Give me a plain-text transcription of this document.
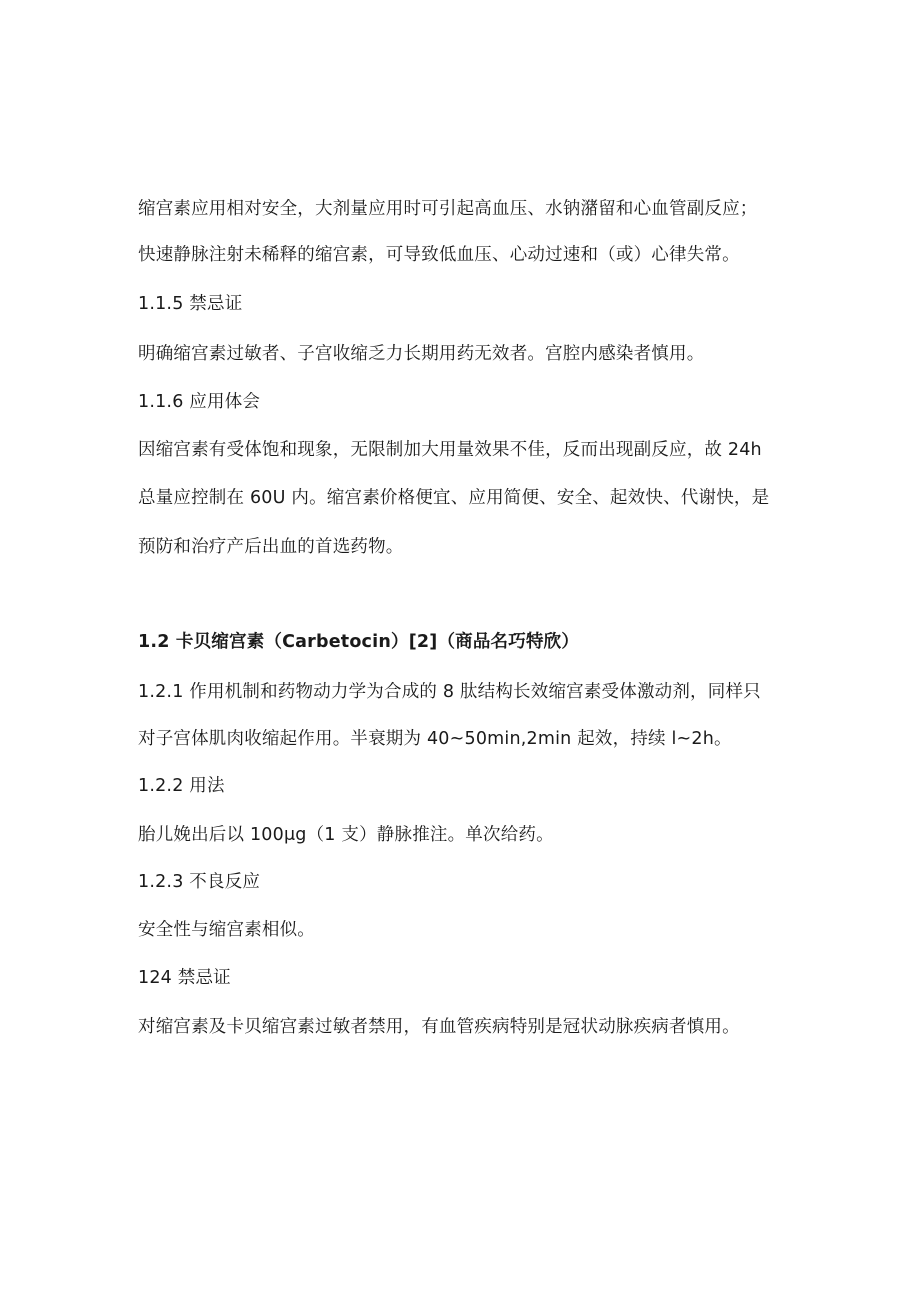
缩宫素应用相对安全，大剂量应用时可引起高血压、水钠潴留和心血管副反应；
快速静脉注射未稀释的缩宫素，可导致低血压、心动过速和（或）心律失常。
1.1.5 禁忌证
明确缩宫素过敏者、子宫收缩乏力长期用药无效者。宫腔内感染者慎用。
1.1.6 应用体会
因缩宫素有受体饱和现象，无限制加大用量效果不佳，反而出现副反应，故 24h
总量应控制在 60U 内。缩宫素价格便宜、应用简便、安全、起效快、代谢快，是
预防和治疗产后出血的首选药物。
1.2 卡贝缩宫素（Carbetocin）[2]（商品名巧特欣）
1.2.1 作用机制和药物动力学为合成的 8 肽结构长效缩宫素受体激动剂，同样只
对子宫体肌肉收缩起作用。半衰期为 40~50min,2min 起效，持续 l~2h。
1.2.2 用法
胎儿娩出后以 100μg（1 支）静脉推注。单次给药。
1.2.3 不良反应
安全性与缩宫素相似。
124 禁忌证
对缩宫素及卡贝缩宫素过敏者禁用，有血管疾病特别是冠状动脉疾病者慎用。
